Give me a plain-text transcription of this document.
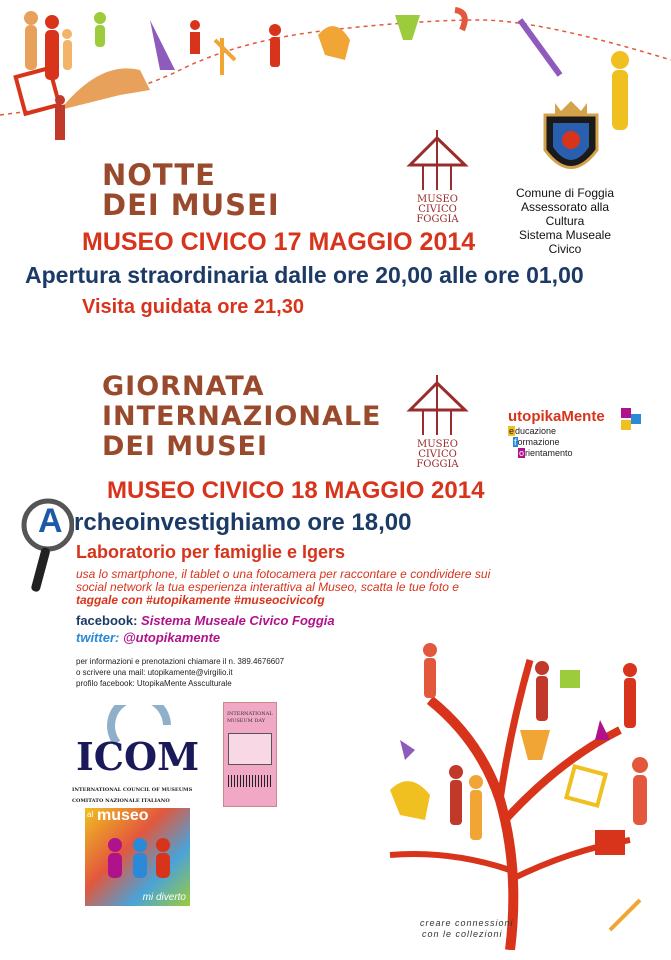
MUSEO
CIVICO
FOGGIA
NOTTE
DEI MUSEI	Comune di Foggia
Assessorato alla Cultura
Sistema Museale Civico
MUSEO CIVICO 17 MAGGIO 2014
Apertura straordinaria dalle ore 20,00 alle ore 01,00
Visita guidata ore 21,30
MUSEO
CIVICO
FOGGIA
GIORNATA
INTERNAZIONALE
DEI MUSEI
utopikaMente
educazione
formazione
orientamento
MUSEO CIVICO 18 MAGGIO 2014
A rcheoinvestighiamo ore 18,00
Laboratorio per famiglie e Igers
usa lo smartphone, il tablet o una fotocamera per raccontare e condividere sui
social network la tua esperienza interattiva al Museo, scatta le tue foto e
taggale con #utopikamente #museocivicofg
facebook: Sistema Museale Civico Foggia
twitter: @utopikamente
per informazioni e prenotazioni chiamare il n. 389.4676607
o scrivere una mail: utopikamente@virgilio.it
profilo facebook: UtopikaMente Assculturale
ICOM
INTERNATIONAL COUNCIL OF MUSEUMS
COMITATO NAZIONALE ITALIANO
INTERNATIONAL
MUSEUM DAY
al museo
mi diverto
creare connessioni
con le collezioni
